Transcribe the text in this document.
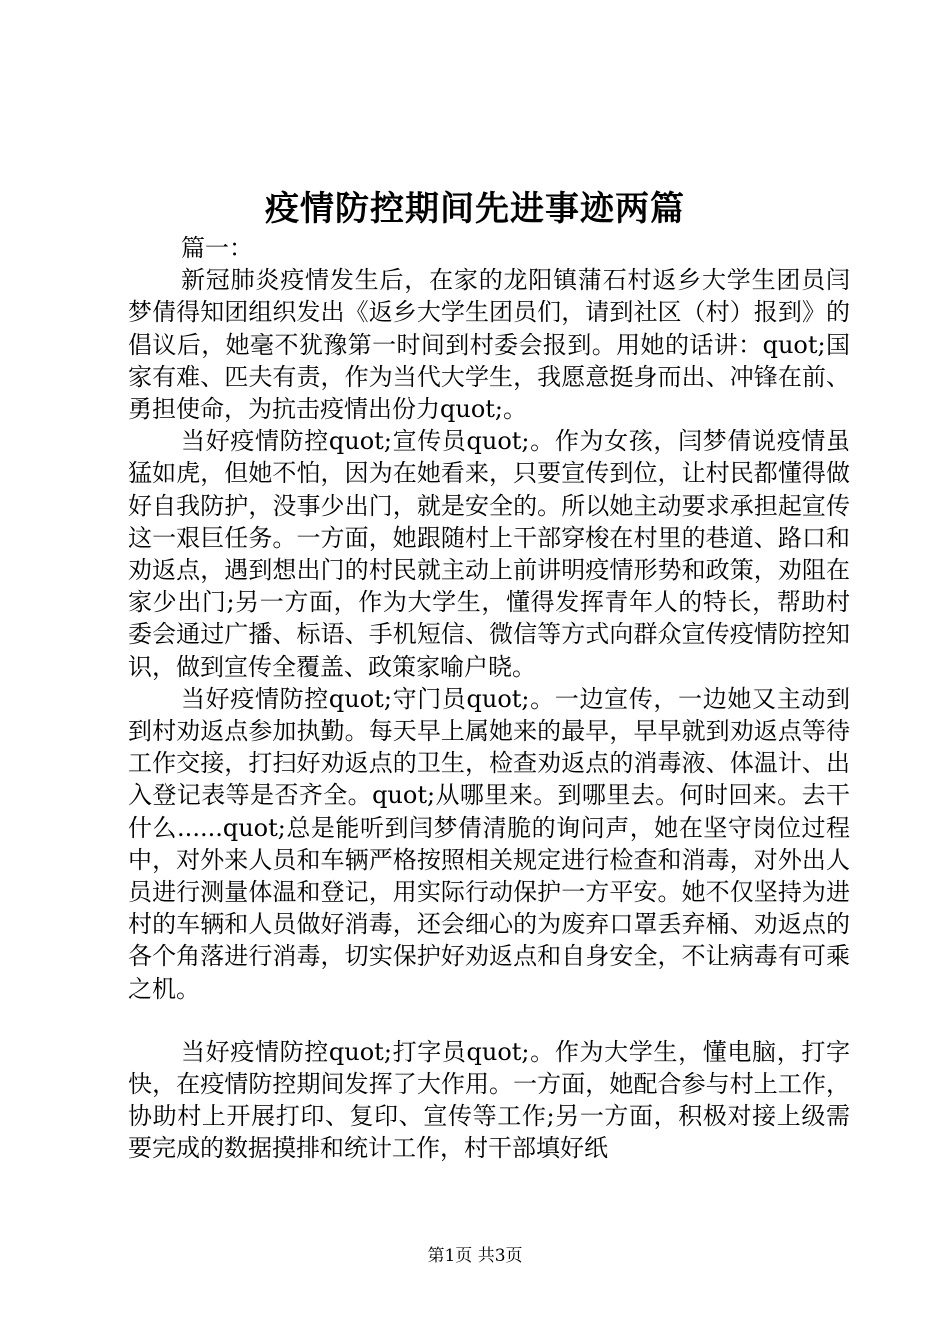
疫情防控期间先进事迹两篇

篇一：

新冠肺炎疫情发生后，在家的龙阳镇蒲石村返乡大学生团员闫梦倩得知团组织发出《返乡大学生团员们，请到社区（村）报到》的倡议后，她毫不犹豫第一时间到村委会报到。用她的话讲：quot;国家有难、匹夫有责，作为当代大学生，我愿意挺身而出、冲锋在前、勇担使命，为抗击疫情出份力quot;。

当好疫情防控quot;宣传员quot;。作为女孩，闫梦倩说疫情虽猛如虎，但她不怕，因为在她看来，只要宣传到位，让村民都懂得做好自我防护，没事少出门，就是安全的。所以她主动要求承担起宣传这一艰巨任务。一方面，她跟随村上干部穿梭在村里的巷道、路口和劝返点，遇到想出门的村民就主动上前讲明疫情形势和政策，劝阻在家少出门;另一方面，作为大学生，懂得发挥青年人的特长，帮助村委会通过广播、标语、手机短信、微信等方式向群众宣传疫情防控知识，做到宣传全覆盖、政策家喻户晓。

当好疫情防控quot;守门员quot;。一边宣传，一边她又主动到到村劝返点参加执勤。每天早上属她来的最早，早早就到劝返点等待工作交接，打扫好劝返点的卫生，检查劝返点的消毒液、体温计、出入登记表等是否齐全。quot;从哪里来。到哪里去。何时回来。去干什么......quot;总是能听到闫梦倩清脆的询问声，她在坚守岗位过程中，对外来人员和车辆严格按照相关规定进行检查和消毒，对外出人员进行测量体温和登记，用实际行动保护一方平安。她不仅坚持为进村的车辆和人员做好消毒，还会细心的为废弃口罩丢弃桶、劝返点的各个角落进行消毒，切实保护好劝返点和自身安全，不让病毒有可乘之机。

当好疫情防控quot;打字员quot;。作为大学生，懂电脑，打字快，在疫情防控期间发挥了大作用。一方面，她配合参与村上工作，协助村上开展打印、复印、宣传等工作;另一方面，积极对接上级需要完成的数据摸排和统计工作，村干部填好纸

第1页 共3页
